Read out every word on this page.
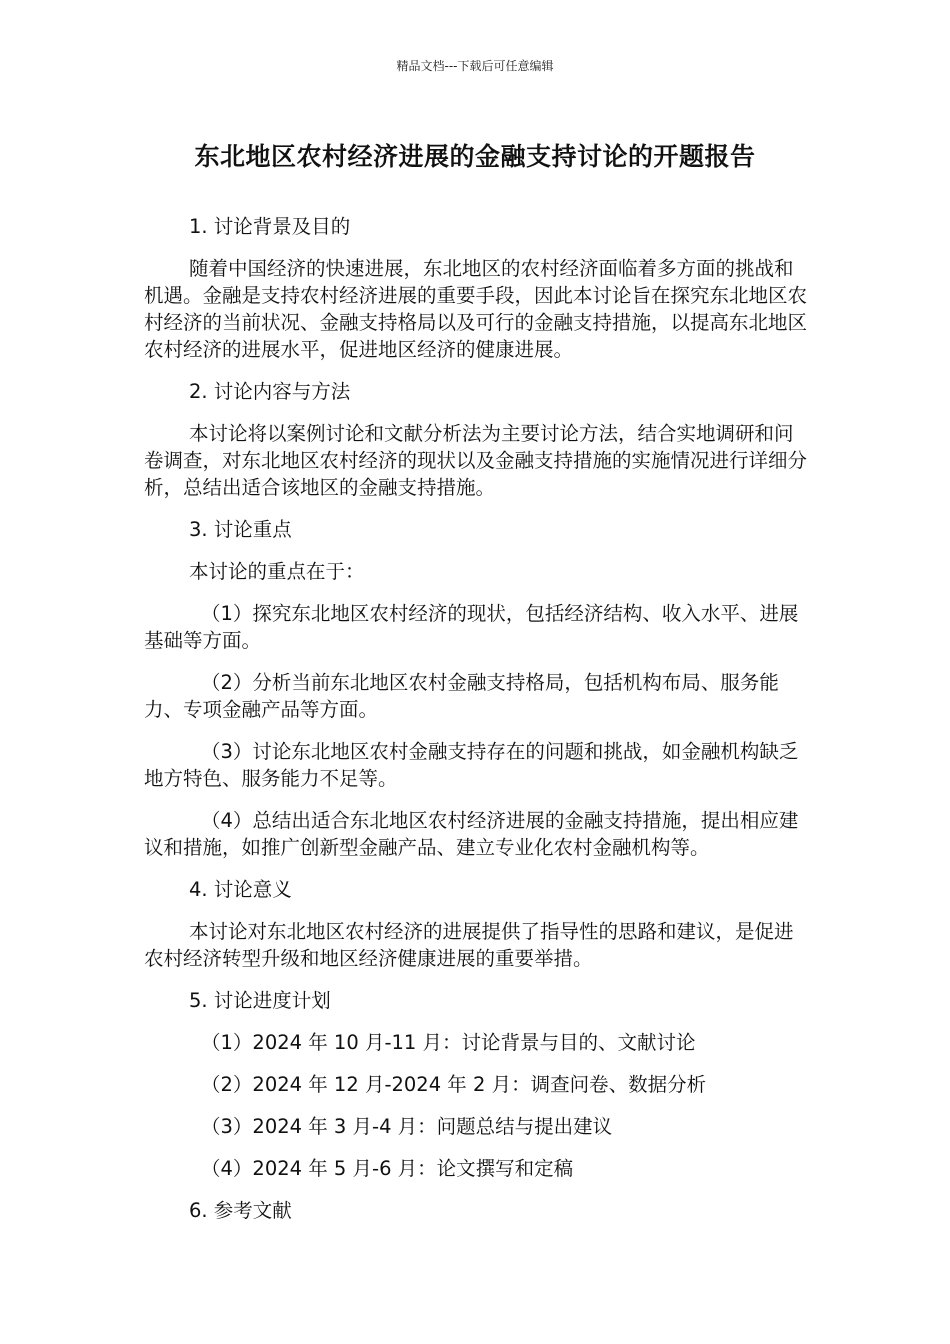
精品文档---下载后可任意编辑
东北地区农村经济进展的金融支持讨论的开题报告

1. 讨论背景及目的

随着中国经济的快速进展，东北地区的农村经济面临着多方面的挑战和机遇。金融是支持农村经济进展的重要手段，因此本讨论旨在探究东北地区农村经济的当前状况、金融支持格局以及可行的金融支持措施，以提高东北地区农村经济的进展水平，促进地区经济的健康进展。

2. 讨论内容与方法

本讨论将以案例讨论和文献分析法为主要讨论方法，结合实地调研和问卷调查，对东北地区农村经济的现状以及金融支持措施的实施情况进行详细分析，总结出适合该地区的金融支持措施。

3. 讨论重点

本讨论的重点在于：

（1）探究东北地区农村经济的现状，包括经济结构、收入水平、进展基础等方面。

（2）分析当前东北地区农村金融支持格局，包括机构布局、服务能力、专项金融产品等方面。

（3）讨论东北地区农村金融支持存在的问题和挑战，如金融机构缺乏地方特色、服务能力不足等。

（4）总结出适合东北地区农村经济进展的金融支持措施，提出相应建议和措施，如推广创新型金融产品、建立专业化农村金融机构等。

4. 讨论意义

本讨论对东北地区农村经济的进展提供了指导性的思路和建议，是促进农村经济转型升级和地区经济健康进展的重要举措。

5. 讨论进度计划

（1）2024 年 10 月-11 月：讨论背景与目的、文献讨论

（2）2024 年 12 月-2024 年 2 月：调查问卷、数据分析

（3）2024 年 3 月-4 月：问题总结与提出建议

（4）2024 年 5 月-6 月：论文撰写和定稿

6. 参考文献
